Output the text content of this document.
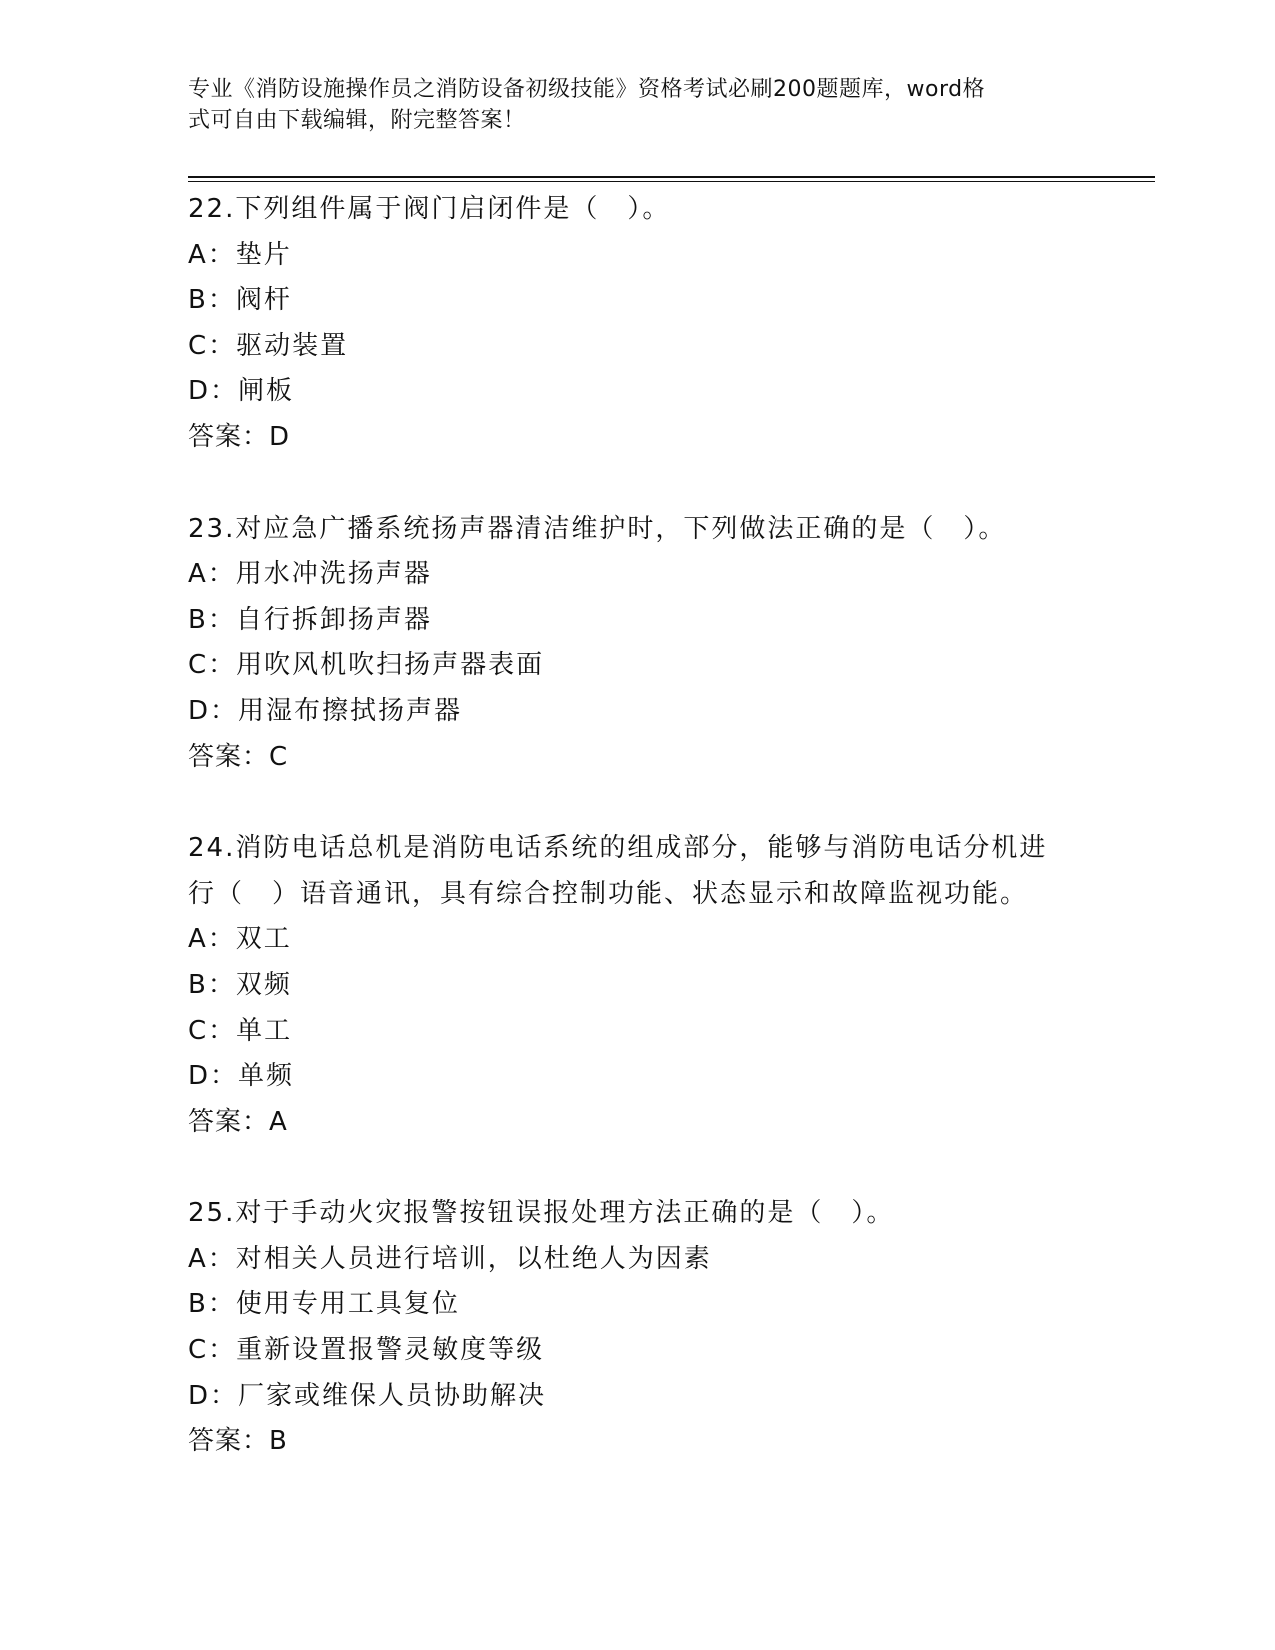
专业《消防设施操作员之消防设备初级技能》资格考试必刷200题题库，word格
式可自由下载编辑，附完整答案！
22.下列组件属于阀门启闭件是（　）。
A：垫片
B：阀杆
C：驱动装置
D：闸板
答案：D
23.对应急广播系统扬声器清洁维护时，下列做法正确的是（　）。
A：用水冲洗扬声器
B：自行拆卸扬声器
C：用吹风机吹扫扬声器表面
D：用湿布擦拭扬声器
答案：C
24.消防电话总机是消防电话系统的组成部分，能够与消防电话分机进
行（　）语音通讯，具有综合控制功能、状态显示和故障监视功能。
A：双工
B：双频
C：单工
D：单频
答案：A
25.对于手动火灾报警按钮误报处理方法正确的是（　）。
A：对相关人员进行培训，以杜绝人为因素
B：使用专用工具复位
C：重新设置报警灵敏度等级
D：厂家或维保人员协助解决
答案：B
